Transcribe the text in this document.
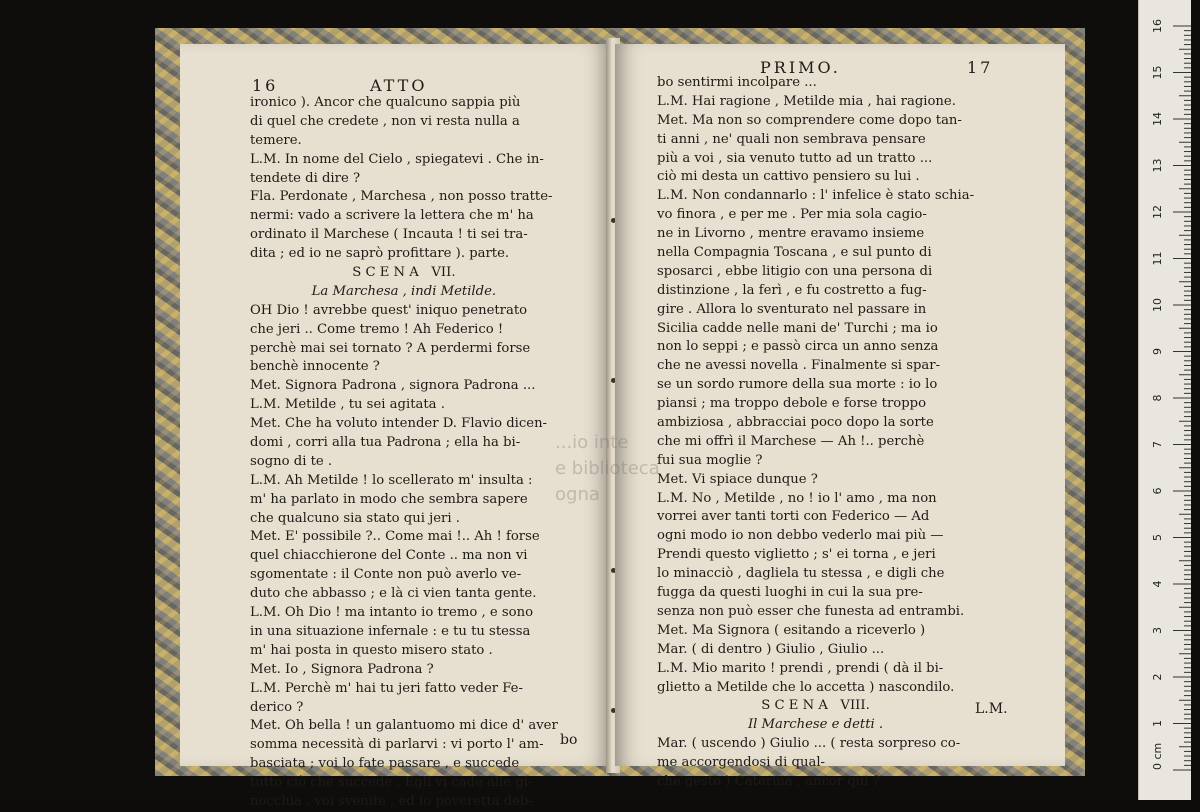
16	ATTO
ironico ). Ancor che qualcuno sappia più
di quel che credete , non vi resta nulla a
temere.
L.M. In nome del Cielo , spiegatevi . Che in-
tendete di dire ?
Fla. Perdonate , Marchesa , non posso tratte-
nermi: vado a scrivere la lettera che m' ha
ordinato il Marchese ( Incauta ! ti sei tra-
dita ; ed io ne saprò profittare ). parte.
S C E N A   VII.
La Marchesa , indi Metilde.
OH Dio ! avrebbe quest' iniquo penetrato
che jeri .. Come tremo ! Ah Federico !
perchè mai sei tornato ? A perdermi forse
benchè innocente ?
Met. Signora Padrona , signora Padrona ...
L.M. Metilde , tu sei agitata .
Met. Che ha voluto intender D. Flavio dicen-
domi , corri alla tua Padrona ; ella ha bi-
sogno di te .
L.M. Ah Metilde ! lo scellerato m' insulta :
m' ha parlato in modo che sembra sapere
che qualcuno sia stato qui jeri .
Met. E' possibile ?.. Come mai !.. Ah ! forse
quel chiacchierone del Conte .. ma non vi
sgomentate : il Conte non può averlo ve-
duto che abbasso ; e là ci vien tanta gente.
L.M. Oh Dio ! ma intanto io tremo , e sono
in una situazione infernale : e tu tu stessa
m' hai posta in questo misero stato .
Met. Io , Signora Padrona ?
L.M. Perchè m' hai tu jeri fatto veder Fe-
derico ?
Met. Oh bella ! un galantuomo mi dice d' aver
somma necessità di parlarvi : vi porto l' am-
basciata ; voi lo fate passare , e succede
tutto ciò che succede . Egli vi cade alle gi-
nocchia , voi svenite , ed io poveretta deb-
bo
PRIMO.	17
bo sentirmi incolpare ...
L.M. Hai ragione , Metilde mia , hai ragione.
Met. Ma non so comprendere come dopo tan-
ti anni , ne' quali non sembrava pensare
più a voi , sia venuto tutto ad un tratto ...
ciò mi desta un cattivo pensiero su lui .
L.M. Non condannarlo : l' infelice è stato schia-
vo finora , e per me . Per mia sola cagio-
ne in Livorno , mentre eravamo insieme
nella Compagnia Toscana , e sul punto di
sposarci , ebbe litigio con una persona di
distinzione , la ferì , e fu costretto a fug-
gire . Allora lo sventurato nel passare in
Sicilia cadde nelle mani de' Turchi ; ma io
non lo seppi ; e passò circa un anno senza
che ne avessi novella . Finalmente si spar-
se un sordo rumore della sua morte : io lo
piansi ; ma troppo debole e forse troppo
ambiziosa , abbracciai poco dopo la sorte
che mi offrì il Marchese — Ah !.. perchè
fui sua moglie ?
Met. Vi spiace dunque ?
L.M. No , Metilde , no ! io l' amo , ma non
vorrei aver tanti torti con Federico — Ad
ogni modo io non debbo vederlo mai più —
Prendi questo viglietto ; s' ei torna , e jeri
lo minacciò , dagliela tu stessa , e digli che
fugga da questi luoghi in cui la sua pre-
senza non può esser che funesta ad entrambi.
Met. Ma Signora ( esitando a riceverlo )
Mar. ( di dentro ) Giulio , Giulio ...
L.M. Mio marito ! prendi , prendi ( dà il bi-
glietto a Metilde che lo accetta ) nascondilo.
S C E N A   VIII.
Il Marchese e detti .
Mar. ( uscendo ) Giulio ... ( resta sorpreso co-
me accorgendosi di qual-
che gesto ) Caterina , ancor qui ?
L.M.
...io inte
e biblioteca
ogna
0 cm
1
2
3
4
5
6
7
8
9
10
11
12
13
14
15
16
